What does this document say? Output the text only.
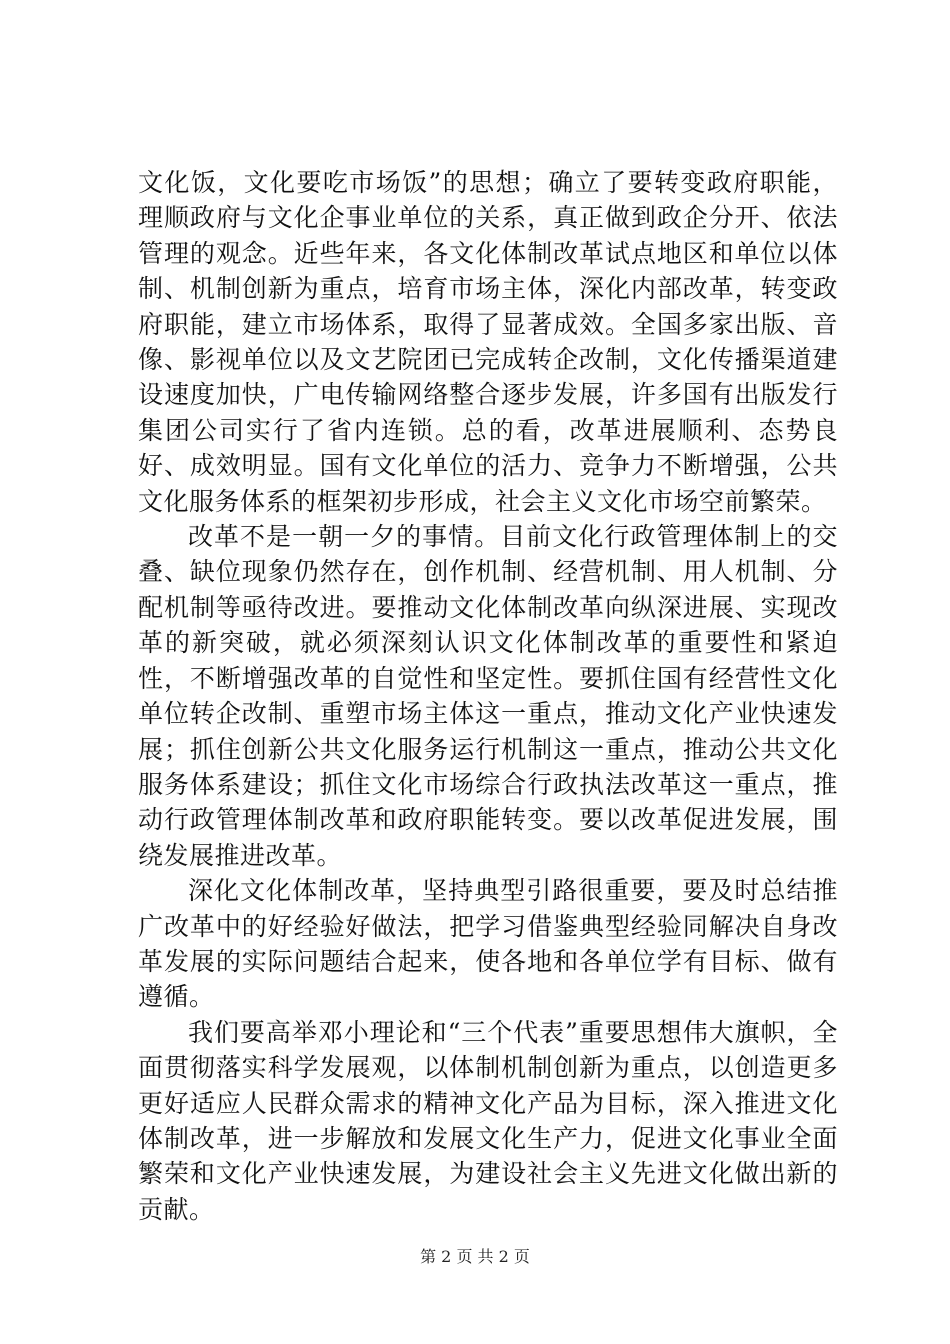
文化饭，文化要吃市场饭”的思想；确立了要转变政府职能，理顺政府与文化企事业单位的关系，真正做到政企分开、依法管理的观念。近些年来，各文化体制改革试点地区和单位以体制、机制创新为重点，培育市场主体，深化内部改革，转变政府职能，建立市场体系，取得了显著成效。全国多家出版、音像、影视单位以及文艺院团已完成转企改制，文化传播渠道建设速度加快，广电传输网络整合逐步发展，许多国有出版发行集团公司实行了省内连锁。总的看，改革进展顺利、态势良好、成效明显。国有文化单位的活力、竞争力不断增强，公共文化服务体系的框架初步形成，社会主义文化市场空前繁荣。

改革不是一朝一夕的事情。目前文化行政管理体制上的交叠、缺位现象仍然存在，创作机制、经营机制、用人机制、分配机制等亟待改进。要推动文化体制改革向纵深进展、实现改革的新突破，就必须深刻认识文化体制改革的重要性和紧迫性，不断增强改革的自觉性和坚定性。要抓住国有经营性文化单位转企改制、重塑市场主体这一重点，推动文化产业快速发展；抓住创新公共文化服务运行机制这一重点，推动公共文化服务体系建设；抓住文化市场综合行政执法改革这一重点，推动行政管理体制改革和政府职能转变。要以改革促进发展，围绕发展推进改革。

深化文化体制改革，坚持典型引路很重要，要及时总结推广改革中的好经验好做法，把学习借鉴典型经验同解决自身改革发展的实际问题结合起来，使各地和各单位学有目标、做有遵循。

我们要高举邓小理论和“三个代表”重要思想伟大旗帜，全面贯彻落实科学发展观，以体制机制创新为重点，以创造更多更好适应人民群众需求的精神文化产品为目标，深入推进文化体制改革，进一步解放和发展文化生产力，促进文化事业全面繁荣和文化产业快速发展，为建设社会主义先进文化做出新的贡献。

第 2 页 共 2 页
